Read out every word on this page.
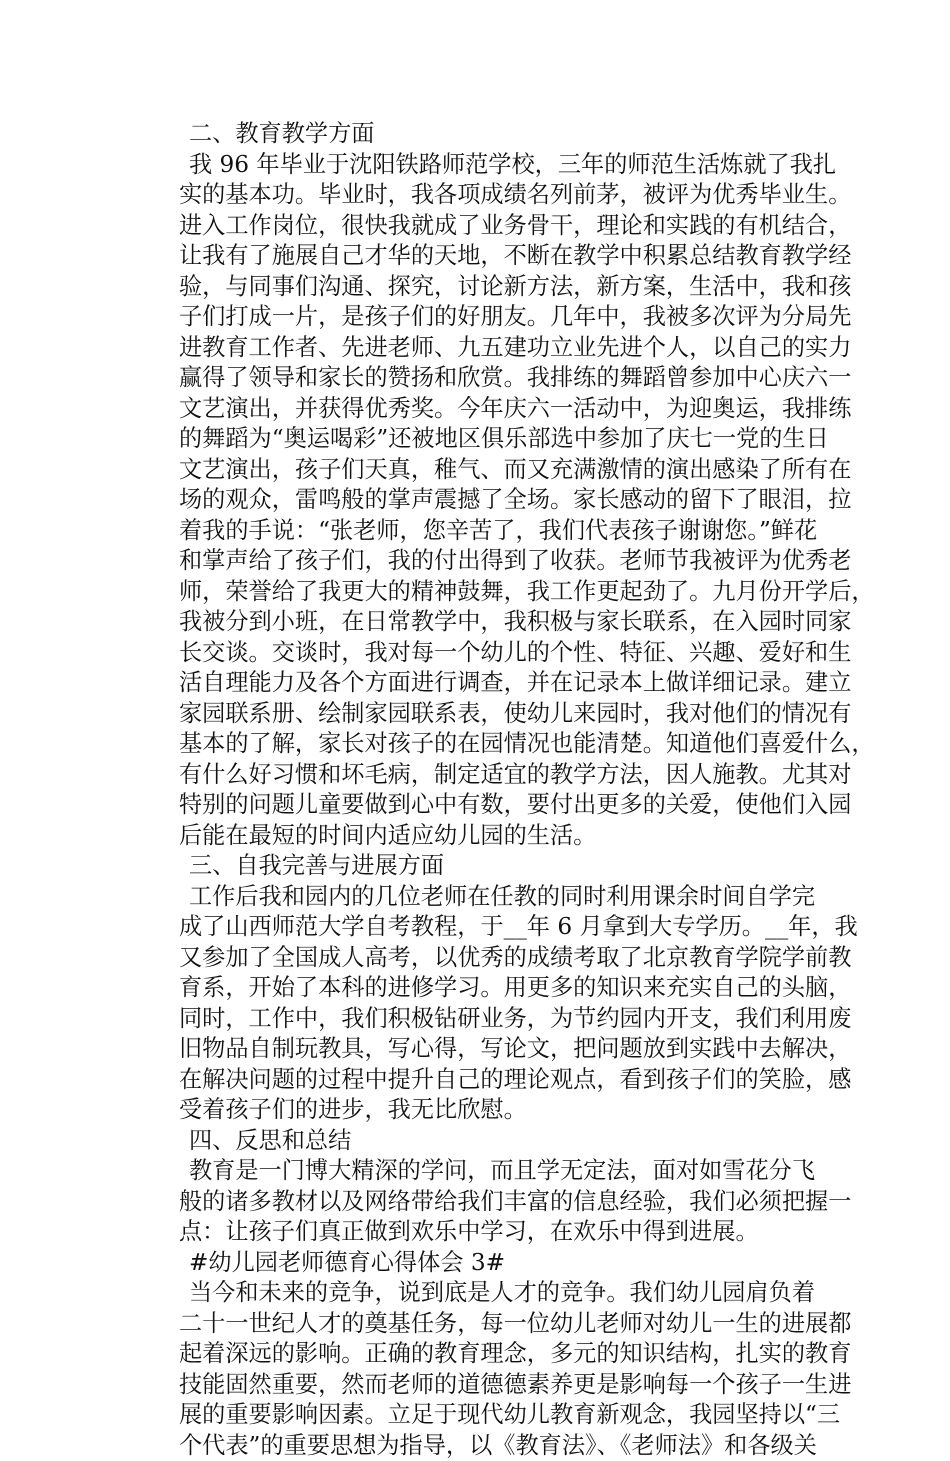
二、教育教学方面
我 96 年毕业于沈阳铁路师范学校，三年的师范生活炼就了我扎
实的基本功。毕业时，我各项成绩名列前茅，被评为优秀毕业生。
进入工作岗位，很快我就成了业务骨干，理论和实践的有机结合，
让我有了施展自己才华的天地，不断在教学中积累总结教育教学经
验，与同事们沟通、探究，讨论新方法，新方案，生活中，我和孩
子们打成一片，是孩子们的好朋友。几年中，我被多次评为分局先
进教育工作者、先进老师、九五建功立业先进个人，以自己的实力
赢得了领导和家长的赞扬和欣赏。我排练的舞蹈曾参加中心庆六一
文艺演出，并获得优秀奖。今年庆六一活动中，为迎奥运，我排练
的舞蹈为“奥运喝彩”还被地区俱乐部选中参加了庆七一党的生日
文艺演出，孩子们天真，稚气、而又充满激情的演出感染了所有在
场的观众，雷鸣般的掌声震撼了全场。家长感动的留下了眼泪，拉
着我的手说：“张老师，您辛苦了，我们代表孩子谢谢您。”鲜花
和掌声给了孩子们，我的付出得到了收获。老师节我被评为优秀老
师，荣誉给了我更大的精神鼓舞，我工作更起劲了。九月份开学后，
我被分到小班，在日常教学中，我积极与家长联系，在入园时同家
长交谈。交谈时，我对每一个幼儿的个性、特征、兴趣、爱好和生
活自理能力及各个方面进行调查，并在记录本上做详细记录。建立
家园联系册、绘制家园联系表，使幼儿来园时，我对他们的情况有
基本的了解，家长对孩子的在园情况也能清楚。知道他们喜爱什么，
有什么好习惯和坏毛病，制定适宜的教学方法，因人施教。尤其对
特别的问题儿童要做到心中有数，要付出更多的关爱，使他们入园
后能在最短的时间内适应幼儿园的生活。
三、自我完善与进展方面
工作后我和园内的几位老师在任教的同时利用课余时间自学完
成了山西师范大学自考教程，于__年 6 月拿到大专学历。__年，我
又参加了全国成人高考，以优秀的成绩考取了北京教育学院学前教
育系，开始了本科的进修学习。用更多的知识来充实自己的头脑，
同时，工作中，我们积极钻研业务，为节约园内开支，我们利用废
旧物品自制玩教具，写心得，写论文，把问题放到实践中去解决，
在解决问题的过程中提升自己的理论观点，看到孩子们的笑脸，感
受着孩子们的进步，我无比欣慰。
四、反思和总结
教育是一门博大精深的学问，而且学无定法，面对如雪花分飞
般的诸多教材以及网络带给我们丰富的信息经验，我们必须把握一
点：让孩子们真正做到欢乐中学习，在欢乐中得到进展。
#幼儿园老师德育心得体会 3#
当今和未来的竞争，说到底是人才的竞争。我们幼儿园肩负着
二十一世纪人才的奠基任务，每一位幼儿老师对幼儿一生的进展都
起着深远的影响。正确的教育理念，多元的知识结构，扎实的教育
技能固然重要，然而老师的道德德素养更是影响每一个孩子一生进
展的重要影响因素。立足于现代幼儿教育新观念，我园坚持以“三
个代表”的重要思想为指导，以《教育法》、《老师法》和各级关
